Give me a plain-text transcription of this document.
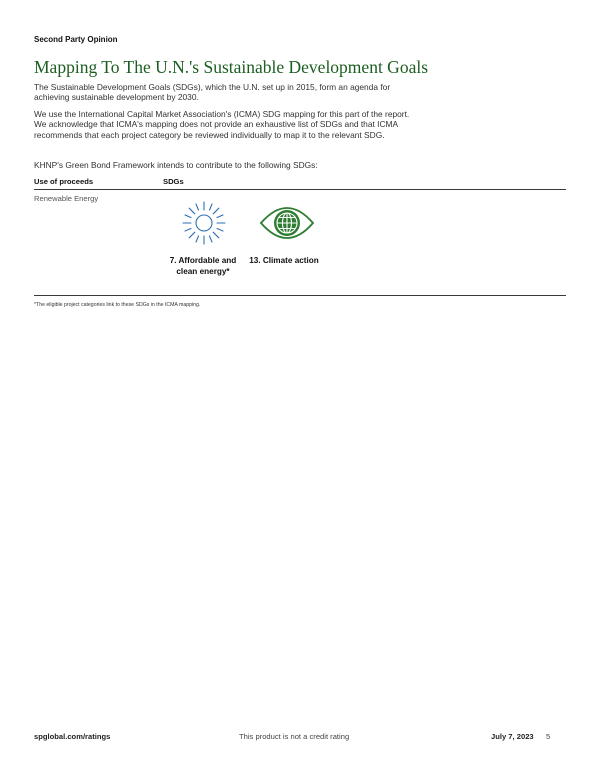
Second Party Opinion
Mapping To The U.N.'s Sustainable Development Goals

The Sustainable Development Goals (SDGs), which the U.N. set up in 2015, form an agenda for achieving sustainable development by 2030.

We use the International Capital Market Association's (ICMA) SDG mapping for this part of the report. We acknowledge that ICMA's mapping does not provide an exhaustive list of SDGs and that ICMA recommends that each project category be reviewed individually to map it to the relevant SDG.

KHNP's Green Bond Framework intends to contribute to the following SDGs:

Use of proceeds	SDGs
Renewable Energy
7. Affordable and clean energy*
13. Climate action
*The eligible project categories link to these SDGs in the ICMA mapping.
spglobal.com/ratings	This product is not a credit rating	July 7, 2023 5
